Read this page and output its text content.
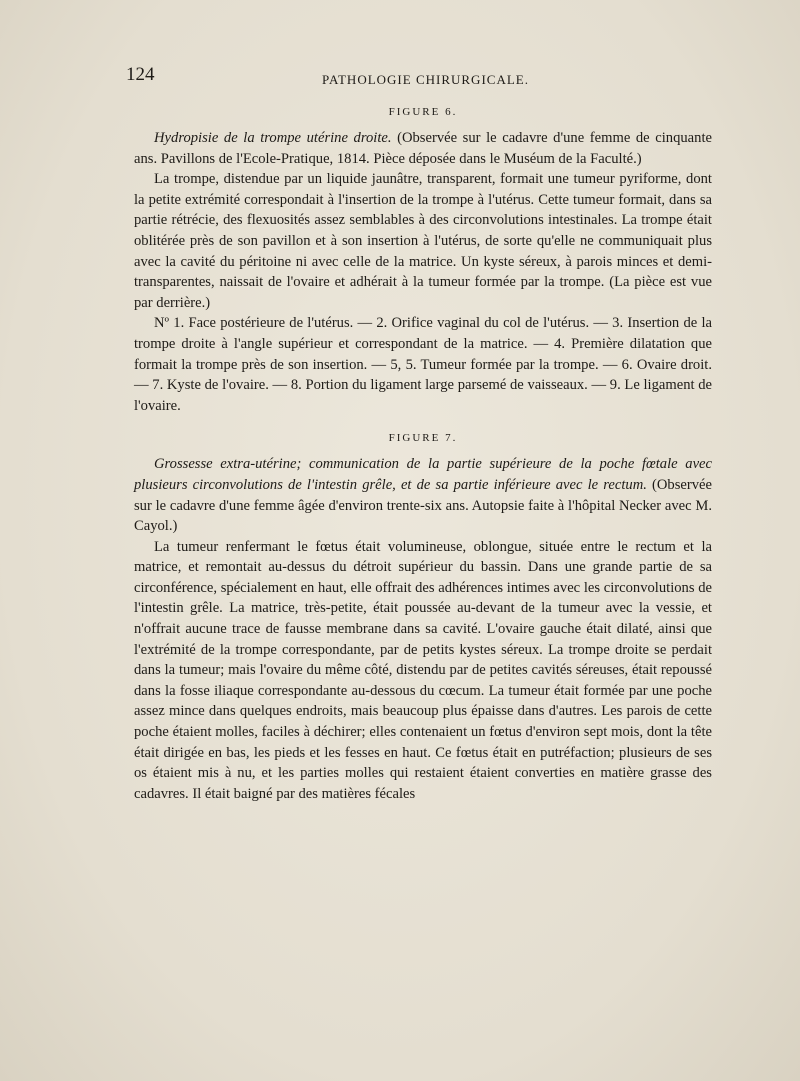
124	PATHOLOGIE CHIRURGICALE.
FIGURE 6.

Hydropisie de la trompe utérine droite. (Observée sur le cadavre d'une femme de cinquante ans. Pavillons de l'Ecole-Pratique, 1814. Pièce déposée dans le Muséum de la Faculté.)

La trompe, distendue par un liquide jaunâtre, transparent, formait une tumeur pyriforme, dont la petite extrémité correspondait à l'insertion de la trompe à l'utérus. Cette tumeur formait, dans sa partie rétrécie, des flexuosités assez semblables à des circonvolutions intestinales. La trompe était oblitérée près de son pavillon et à son insertion à l'utérus, de sorte qu'elle ne communiquait plus avec la cavité du péritoine ni avec celle de la matrice. Un kyste séreux, à parois minces et demi-transparentes, naissait de l'ovaire et adhérait à la tumeur formée par la trompe. (La pièce est vue par derrière.)

Nº 1. Face postérieure de l'utérus. — 2. Orifice vaginal du col de l'utérus. — 3. Insertion de la trompe droite à l'angle supérieur et correspondant de la matrice. — 4. Première dilatation que formait la trompe près de son insertion. — 5, 5. Tumeur formée par la trompe. — 6. Ovaire droit. — 7. Kyste de l'ovaire. — 8. Portion du ligament large parsemé de vaisseaux. — 9. Le ligament de l'ovaire.

FIGURE 7.

Grossesse extra-utérine; communication de la partie supérieure de la poche fœtale avec plusieurs circonvolutions de l'intestin grêle, et de sa partie inférieure avec le rectum. (Observée sur le cadavre d'une femme âgée d'environ trente-six ans. Autopsie faite à l'hôpital Necker avec M. Cayol.)

La tumeur renfermant le fœtus était volumineuse, oblongue, située entre le rectum et la matrice, et remontait au-dessus du détroit supérieur du bassin. Dans une grande partie de sa circonférence, spécialement en haut, elle offrait des adhérences intimes avec les circonvolutions de l'intestin grêle. La matrice, très-petite, était poussée au-devant de la tumeur avec la vessie, et n'offrait aucune trace de fausse membrane dans sa cavité. L'ovaire gauche était dilaté, ainsi que l'extrémité de la trompe correspondante, par de petits kystes séreux. La trompe droite se perdait dans la tumeur; mais l'ovaire du même côté, distendu par de petites cavités séreuses, était repoussé dans la fosse iliaque correspondante au-dessous du cœcum. La tumeur était formée par une poche assez mince dans quelques endroits, mais beaucoup plus épaisse dans d'autres. Les parois de cette poche étaient molles, faciles à déchirer; elles contenaient un fœtus d'environ sept mois, dont la tête était dirigée en bas, les pieds et les fesses en haut. Ce fœtus était en putréfaction; plusieurs de ses os étaient mis à nu, et les parties molles qui restaient étaient converties en matière grasse des cadavres. Il était baigné par des matières fécales
